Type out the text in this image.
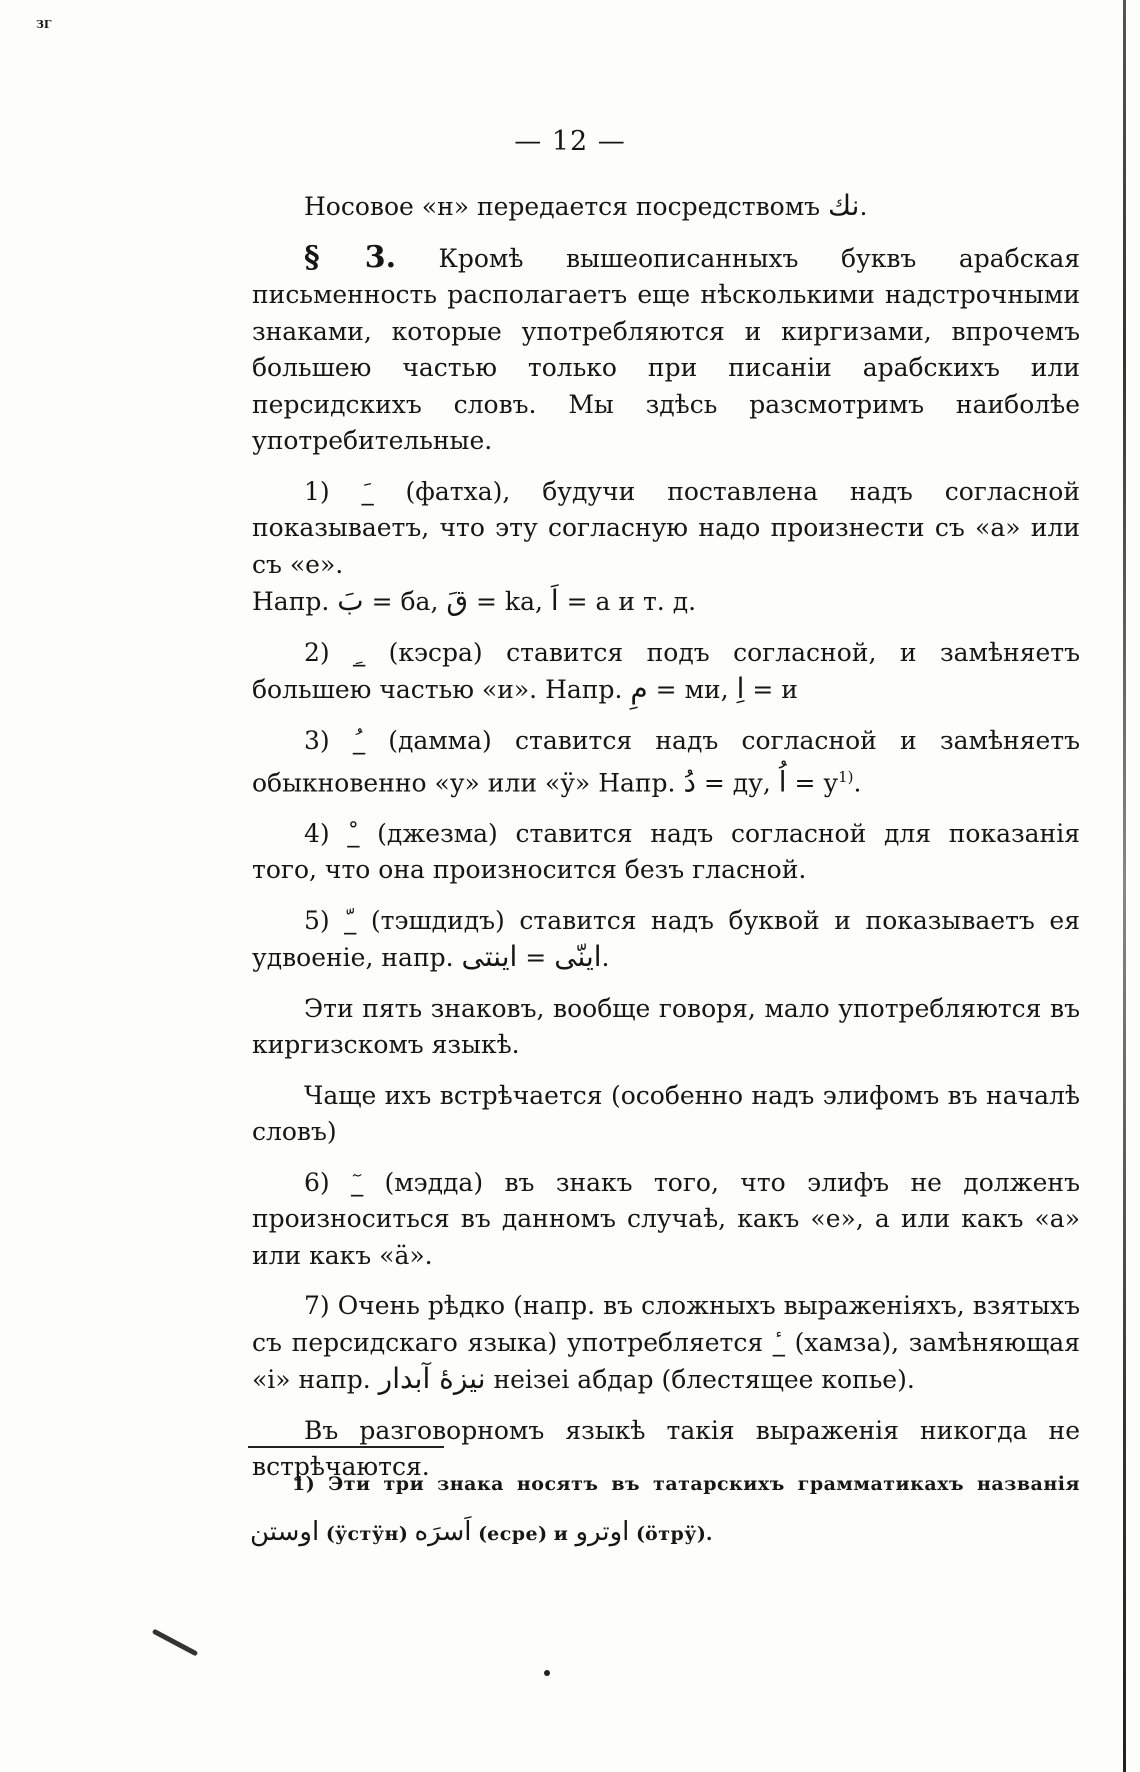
ЗГ
— 12 —

Носовое «н» передается посредствомъ نك.

§ 3. Кромѣ вышеописанныхъ буквъ арабская письменность располагаетъ еще нѣсколькими надстрочными знаками, которые употребляются и киргизами, впрочемъ большею частью только при писаніи арабскихъ или персидскихъ словъ. Мы здѣсь разсмотримъ наиболѣе употребительные.

1) _َ (фатха), будучи поставлена надъ согласной показываетъ, что эту согласную надо произнести съ «а» или съ «е».
Напр. بَ = ба, قَ = ka, اَ = а и т. д.

2) _ِ (кэсра) ставится подъ согласной, и замѣняетъ большею частью «и». Напр. مِ = ми, اِ = и

3) _ُ (дамма) ставится надъ согласной и замѣняетъ обыкновенно «у» или «ӱ» Напр. دُ = ду, اُ = $у^{1)}$.

4) _ْ (джезма) ставится надъ согласной для показанія того, что она произносится безъ гласной.

5) _ّ (тэшдидъ) ставится надъ буквой и показываетъ ея удвоеніе, напр.	اينّى = اينتى	.

Эти пять знаковъ, вообще говоря, мало употребляются въ киргизскомъ языкѣ.

Чаще ихъ встрѣчается (особенно надъ элифомъ въ началѣ словъ)

6) _ٓ (мэдда) въ знакъ того, что элифъ не долженъ произноситься въ данномъ случаѣ, какъ «е», а или какъ «а» или какъ «ä».

7) Очень рѣдко (напр. въ сложныхъ выраженіяхъ, взятыхъ съ персидскаго языка) употребляется _ٔ (хамза), замѣняющая «і» напр. نيزهٔ آبدار неізеі абдар (блестящее копье).

Въ разговорномъ языкѣ такія выраженія никогда не встрѣчаются.

1) Эти три знака носятъ въ татарскихъ грамматикахъ названія اوستن (ӱстӱн) اَسرَه (есре) и اوترو (ӧтрӱ).
